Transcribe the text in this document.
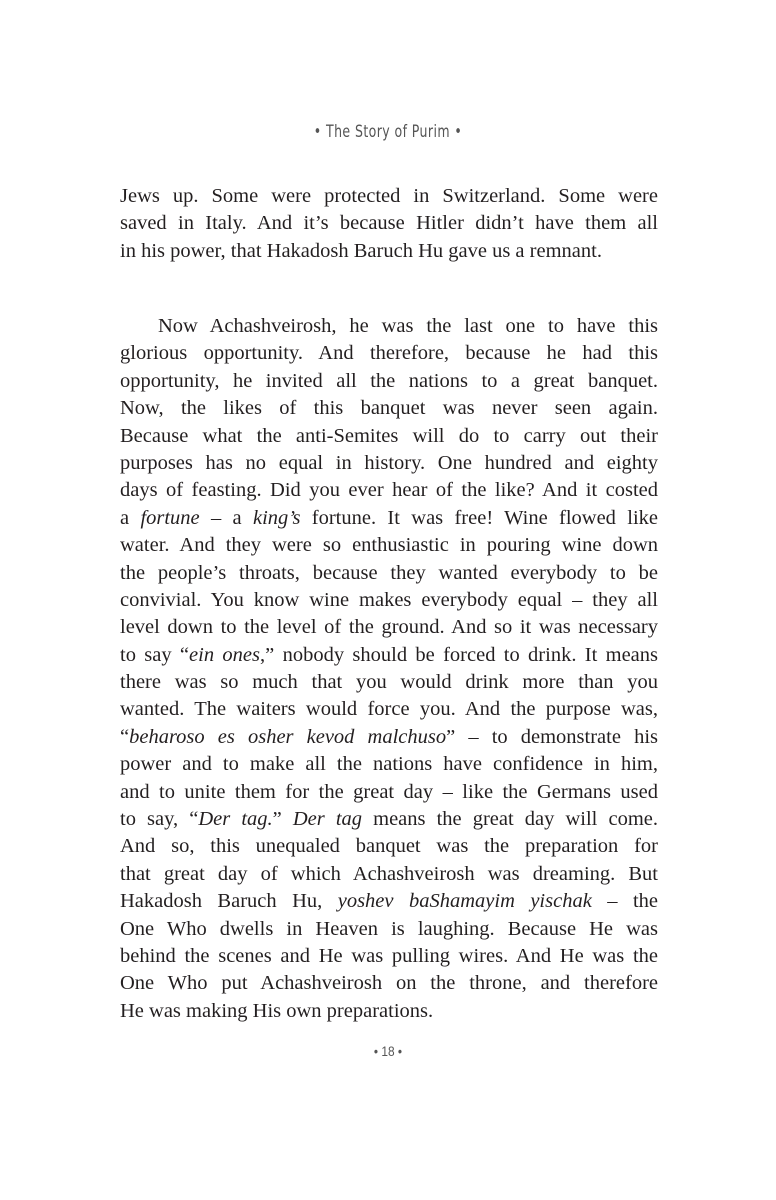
• The Story of Purim •
Jews up. Some were protected in Switzerland. Some were
saved in Italy. And it’s because Hitler didn’t have them all
in his power, that Hakadosh Baruch Hu gave us a remnant.
Now Achashveirosh, he was the last one to have this
glorious opportunity. And therefore, because he had this
opportunity, he invited all the nations to a great banquet.
Now, the likes of this banquet was never seen again.
Because what the anti-Semites will do to carry out their
purposes has no equal in history. One hundred and eighty
days of feasting. Did you ever hear of the like? And it costed
a fortune – a king’s fortune. It was free! Wine flowed like
water. And they were so enthusiastic in pouring wine down
the people’s throats, because they wanted everybody to be
convivial. You know wine makes everybody equal – they all
level down to the level of the ground. And so it was necessary
to say “ein ones,” nobody should be forced to drink. It means
there was so much that you would drink more than you
wanted. The waiters would force you. And the purpose was,
“beharoso es osher kevod malchuso” – to demonstrate his
power and to make all the nations have confidence in him,
and to unite them for the great day – like the Germans used
to say, “Der tag.” Der tag means the great day will come.
And so, this unequaled banquet was the preparation for
that great day of which Achashveirosh was dreaming. But
Hakadosh Baruch Hu, yoshev baShamayim yischak – the
One Who dwells in Heaven is laughing. Because He was
behind the scenes and He was pulling wires. And He was the
One Who put Achashveirosh on the throne, and therefore
He was making His own preparations.
• 18 •
